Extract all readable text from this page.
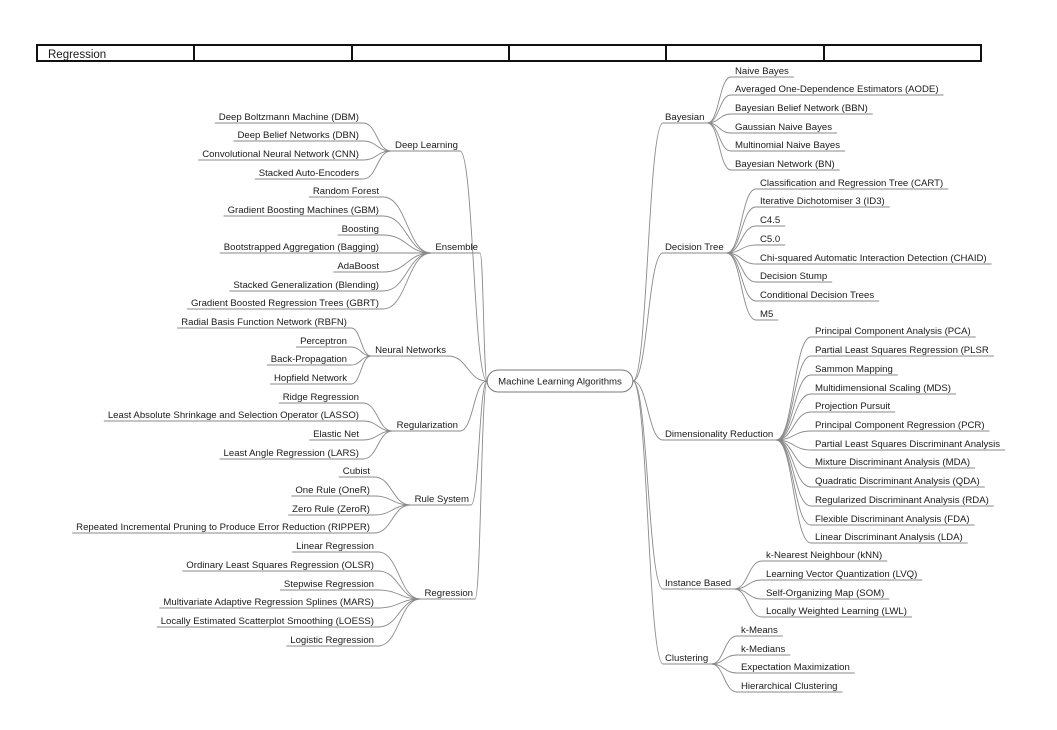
Regression
Machine Learning Algorithms
Deep Learning
Deep Boltzmann Machine (DBM)
Deep Belief Networks (DBN)
Convolutional Neural Network (CNN)
Stacked Auto-Encoders
Ensemble
Random Forest
Gradient Boosting Machines (GBM)
Boosting
Bootstrapped Aggregation (Bagging)
AdaBoost
Stacked Generalization (Blending)
Gradient Boosted Regression Trees (GBRT)
Neural Networks
Radial Basis Function Network (RBFN)
Perceptron
Back-Propagation
Hopfield Network
Regularization
Ridge Regression
Least Absolute Shrinkage and Selection Operator (LASSO)
Elastic Net
Least Angle Regression (LARS)
Rule System
Cubist
One Rule (OneR)
Zero Rule (ZeroR)
Repeated Incremental Pruning to Produce Error Reduction (RIPPER)
Regression
Linear Regression
Ordinary Least Squares Regression (OLSR)
Stepwise Regression
Multivariate Adaptive Regression Splines (MARS)
Locally Estimated Scatterplot Smoothing (LOESS)
Logistic Regression
Bayesian
Naive Bayes
Averaged One-Dependence Estimators (AODE)
Bayesian Belief Network (BBN)
Gaussian Naive Bayes
Multinomial Naive Bayes
Bayesian Network (BN)
Decision Tree
Classification and Regression Tree (CART)
Iterative Dichotomiser 3 (ID3)
C4.5
C5.0
Chi-squared Automatic Interaction Detection (CHAID)
Decision Stump
Conditional Decision Trees
M5
Dimensionality Reduction
Principal Component Analysis (PCA)
Partial Least Squares Regression (PLSR
Sammon Mapping
Multidimensional Scaling (MDS)
Projection Pursuit
Principal Component Regression (PCR)
Partial Least Squares Discriminant Analysis
Mixture Discriminant Analysis (MDA)
Quadratic Discriminant Analysis (QDA)
Regularized Discriminant Analysis (RDA)
Flexible Discriminant Analysis (FDA)
Linear Discriminant Analysis (LDA)
Instance Based
k-Nearest Neighbour (kNN)
Learning Vector Quantization (LVQ)
Self-Organizing Map (SOM)
Locally Weighted Learning (LWL)
Clustering
k-Means
k-Medians
Expectation Maximization
Hierarchical Clustering
